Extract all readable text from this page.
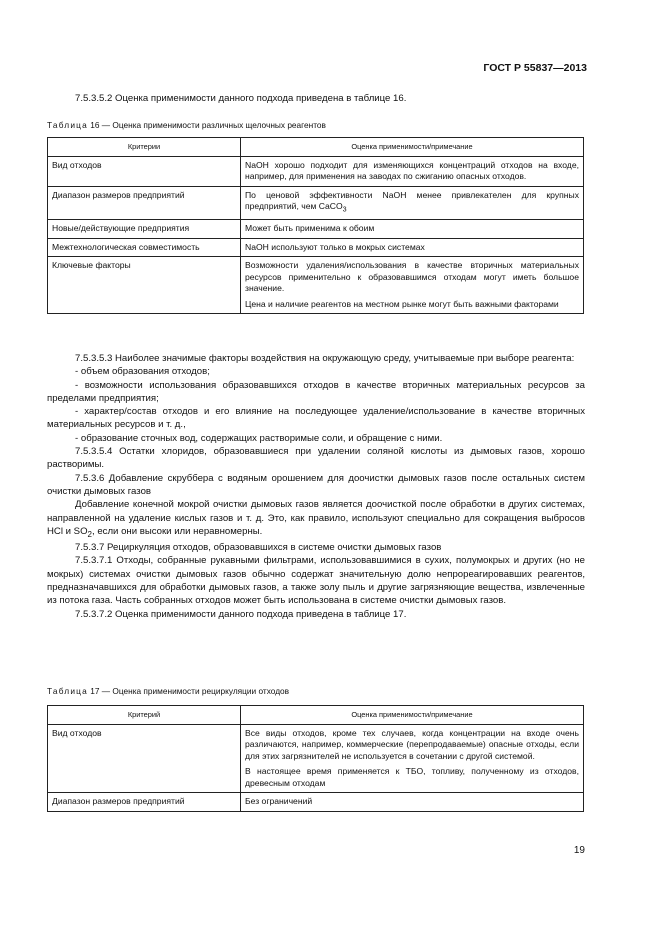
ГОСТ Р 55837—2013
7.5.3.5.2 Оценка применимости данного подхода приведена в таблице 16.
Таблица 16 — Оценка применимости различных щелочных реагентов
Критерии	Оценка применимости/примечание
Вид отходов	NaOH хорошо подходит для изменяющихся концентраций отходов на входе, например, для применения на заводах по сжиганию опасных отходов.

Диапазон размеров предприятий	По ценовой эффективности NaOH менее привлекателен для крупных предприятий, чем CaCO$_3$

Новые/действующие предприятия	Может быть применима к обоим

Межтехнологическая совместимость	NaOH используют только в мокрых системах

Ключевые факторы	Возможности удаления/использования в качестве вторичных материальных ресурсов применительно к образовавшимся отходам могут иметь большое значение.

Цена и наличие реагентов на местном рынке могут быть важными факторами

7.5.3.5.3 Наиболее значимые факторы воздействия на окружающую среду, учитываемые при выборе реагента:
- объем образования отходов;
- возможности использования образовавшихся отходов в качестве вторичных материальных ресурсов за пределами предприятия;
- характер/состав отходов и его влияние на последующее удаление/использование в качестве вторичных материальных ресурсов и т. д.,
- образование сточных вод, содержащих растворимые соли, и обращение с ними.
7.5.3.5.4 Остатки хлоридов, образовавшиеся при удалении соляной кислоты из дымовых газов, хорошо растворимы.
7.5.3.6 Добавление скруббера с водяным орошением для доочистки дымовых газов после остальных систем очистки дымовых газов
Добавление конечной мокрой очистки дымовых газов является доочисткой после обработки в других системах, направленной на удаление кислых газов и т. д. Это, как правило, используют специально для сокращения выбросов HCl и $SO_2$, если они высоки или неравномерны.
7.5.3.7 Рециркуляция отходов, образовавшихся в системе очистки дымовых газов
7.5.3.7.1 Отходы, собранные рукавными фильтрами, использовавшимися в сухих, полумокрых и других (но не мокрых) системах очистки дымовых газов обычно содержат значительную долю непрореагировавших реагентов, предназначавшихся для обработки дымовых газов, а также золу пыль и другие загрязняющие вещества, извлеченные из потока газа. Часть собранных отходов может быть использована в системе очистки дымовых газов.
7.5.3.7.2 Оценка применимости данного подхода приведена в таблице 17.
Таблица 17 — Оценка применимости рециркуляции отходов
Критерий	Оценка применимости/примечание
Вид отходов	Все виды отходов, кроме тех случаев, когда концентрации на входе очень различаются, например, коммерческие (перепродаваемые) опасные отходы, если для этих загрязнителей не используется в сочетании с другой системой.

В настоящее время применяется к ТБО, топливу, полученному из отходов, древесным отходам

Диапазон размеров предприятий	Без ограничений

19
